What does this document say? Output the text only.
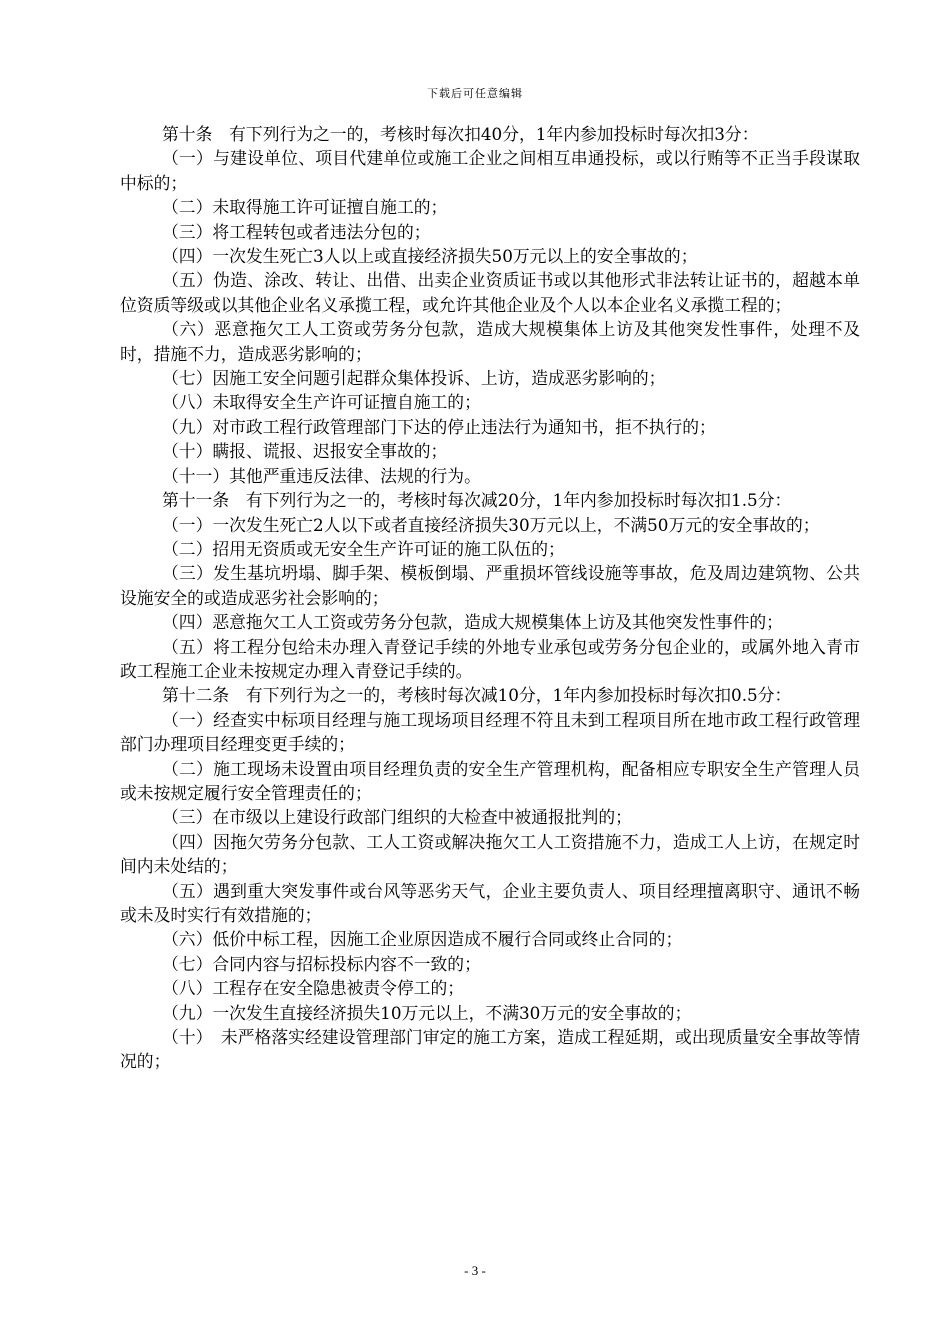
下载后可任意编辑

第十条　有下列行为之一的，考核时每次扣40分，1年内参加投标时每次扣3分：

（一）与建设单位、项目代建单位或施工企业之间相互串通投标，或以行贿等不正当手段谋取中标的；

（二）未取得施工许可证擅自施工的；

（三）将工程转包或者违法分包的；

（四）一次发生死亡3人以上或直接经济损失50万元以上的安全事故的；

（五）伪造、涂改、转让、出借、出卖企业资质证书或以其他形式非法转让证书的，超越本单位资质等级或以其他企业名义承揽工程，或允许其他企业及个人以本企业名义承揽工程的；

（六）恶意拖欠工人工资或劳务分包款，造成大规模集体上访及其他突发性事件，处理不及时，措施不力，造成恶劣影响的；

（七）因施工安全问题引起群众集体投诉、上访，造成恶劣影响的；

（八）未取得安全生产许可证擅自施工的；

（九）对市政工程行政管理部门下达的停止违法行为通知书，拒不执行的；

（十）瞒报、谎报、迟报安全事故的；

（十一）其他严重违反法律、法规的行为。

第十一条　有下列行为之一的，考核时每次减20分，1年内参加投标时每次扣1.5分：

（一）一次发生死亡2人以下或者直接经济损失30万元以上，不满50万元的安全事故的；

（二）招用无资质或无安全生产许可证的施工队伍的；

（三）发生基坑坍塌、脚手架、模板倒塌、严重损坏管线设施等事故，危及周边建筑物、公共设施安全的或造成恶劣社会影响的；

（四）恶意拖欠工人工资或劳务分包款，造成大规模集体上访及其他突发性事件的；

（五）将工程分包给未办理入青登记手续的外地专业承包或劳务分包企业的，或属外地入青市政工程施工企业未按规定办理入青登记手续的。

第十二条　有下列行为之一的，考核时每次减10分，1年内参加投标时每次扣0.5分：

（一）经查实中标项目经理与施工现场项目经理不符且未到工程项目所在地市政工程行政管理部门办理项目经理变更手续的；

（二）施工现场未设置由项目经理负责的安全生产管理机构，配备相应专职安全生产管理人员或未按规定履行安全管理责任的；

（三）在市级以上建设行政部门组织的大检查中被通报批判的；

（四）因拖欠劳务分包款、工人工资或解决拖欠工人工资措施不力，造成工人上访，在规定时间内未处结的；

（五）遇到重大突发事件或台风等恶劣天气，企业主要负责人、项目经理擅离职守、通讯不畅或未及时实行有效措施的；

（六）低价中标工程，因施工企业原因造成不履行合同或终止合同的；

（七）合同内容与招标投标内容不一致的；

（八）工程存在安全隐患被责令停工的；

（九）一次发生直接经济损失10万元以上，不满30万元的安全事故的；

（十）　未严格落实经建设管理部门审定的施工方案，造成工程延期，或出现质量安全事故等情况的；

- 3 -
